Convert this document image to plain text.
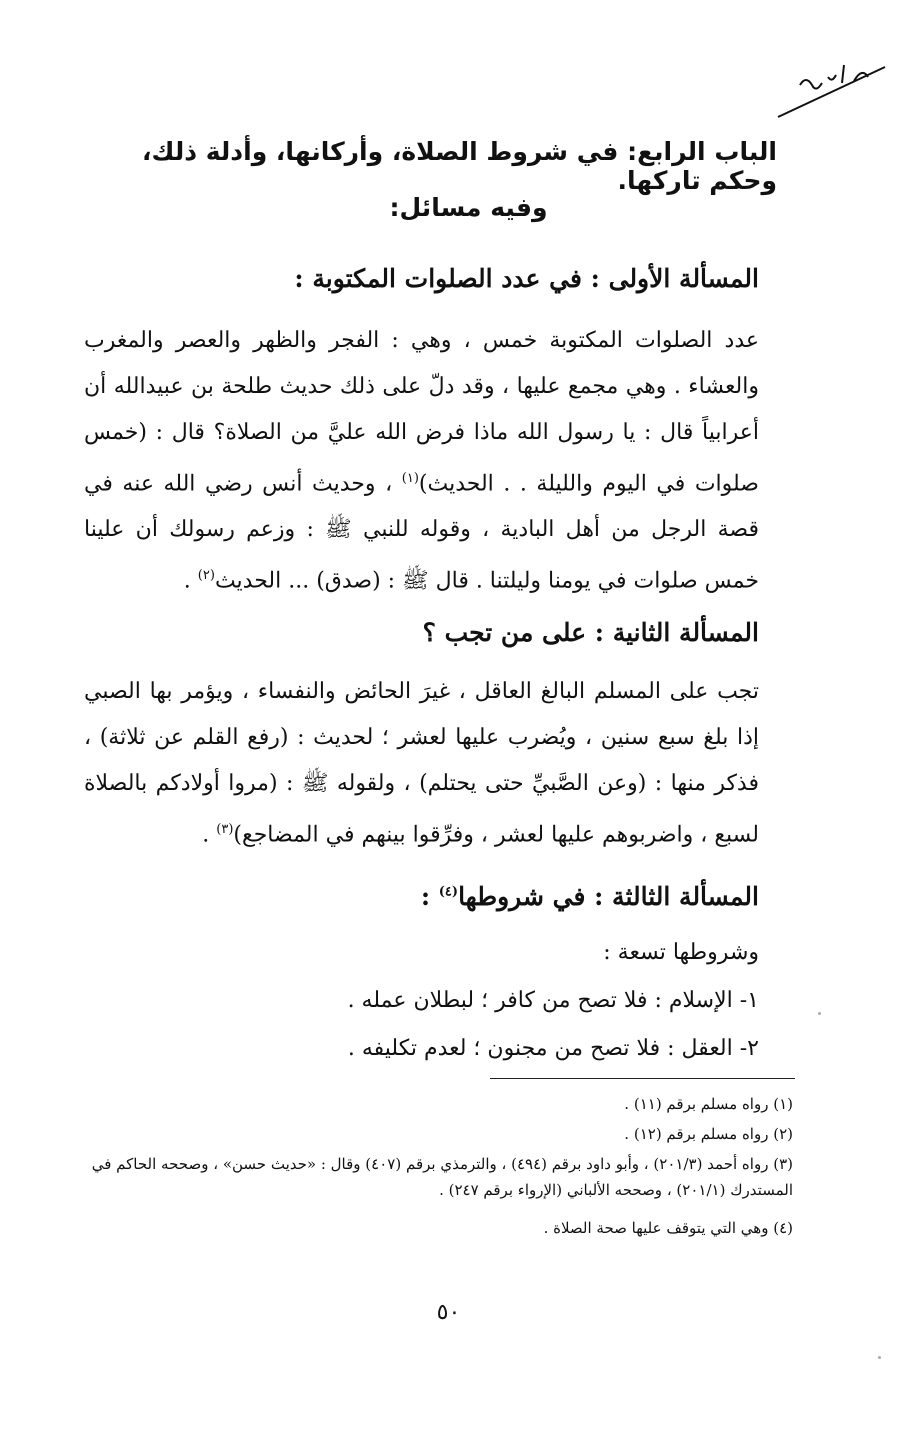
الى هنا
الباب الرابع: في شروط الصلاة، وأركانها، وأدلة ذلك، وحكم تاركها.
وفيه مسائل:
المسألة الأولى : في عدد الصلوات المكتوبة :
عدد الصلوات المكتوبة خمس ، وهي : الفجر والظهر والعصر والمغرب والعشاء . وهي مجمع عليها ، وقد دلّ على ذلك حديث طلحة بن عبيدالله أن أعرابياً قال : يا رسول الله ماذا فرض الله عليَّ من الصلاة؟ قال : (خمس صلوات في اليوم والليلة . . الحديث)$^{(١)}$ ، وحديث أنس رضي الله عنه في قصة الرجل من أهل البادية ، وقوله للنبي ﷺ : وزعم رسولك أن علينا خمس صلوات في يومنا وليلتنا . قال ﷺ : (صدق) ... الحديث$^{(٢)}$ .
المسألة الثانية : على من تجب ؟
تجب على المسلم البالغ العاقل ، غيرَ الحائض والنفساء ، ويؤمر بها الصبي إذا بلغ سبع سنين ، ويُضرب عليها لعشر ؛ لحديث : (رفع القلم عن ثلاثة) ، فذكر منها : (وعن الصَّبيِّ حتى يحتلم) ، ولقوله ﷺ : (مروا أولادكم بالصلاة لسبع ، واضربوهم عليها لعشر ، وفرِّقوا بينهم في المضاجع)$^{(٣)}$ .
المسألة الثالثة : في شروطها$^{(٤)}$ :
وشروطها تسعة :
١- الإسلام : فلا تصح من كافر ؛ لبطلان عمله .
٢- العقل : فلا تصح من مجنون ؛ لعدم تكليفه .
(١) رواه مسلم برقم (١١) .
(٢) رواه مسلم برقم (١٢) .
(٣) رواه أحمد (٢٠١/٣) ، وأبو داود برقم (٤٩٤) ، والترمذي برقم (٤٠٧) وقال : «حديث حسن» ، وصححه الحاكم في المستدرك (٢٠١/١) ، وصححه الألباني (الإرواء برقم ٢٤٧) .
(٤) وهي التي يتوقف عليها صحة الصلاة .
٥٠
